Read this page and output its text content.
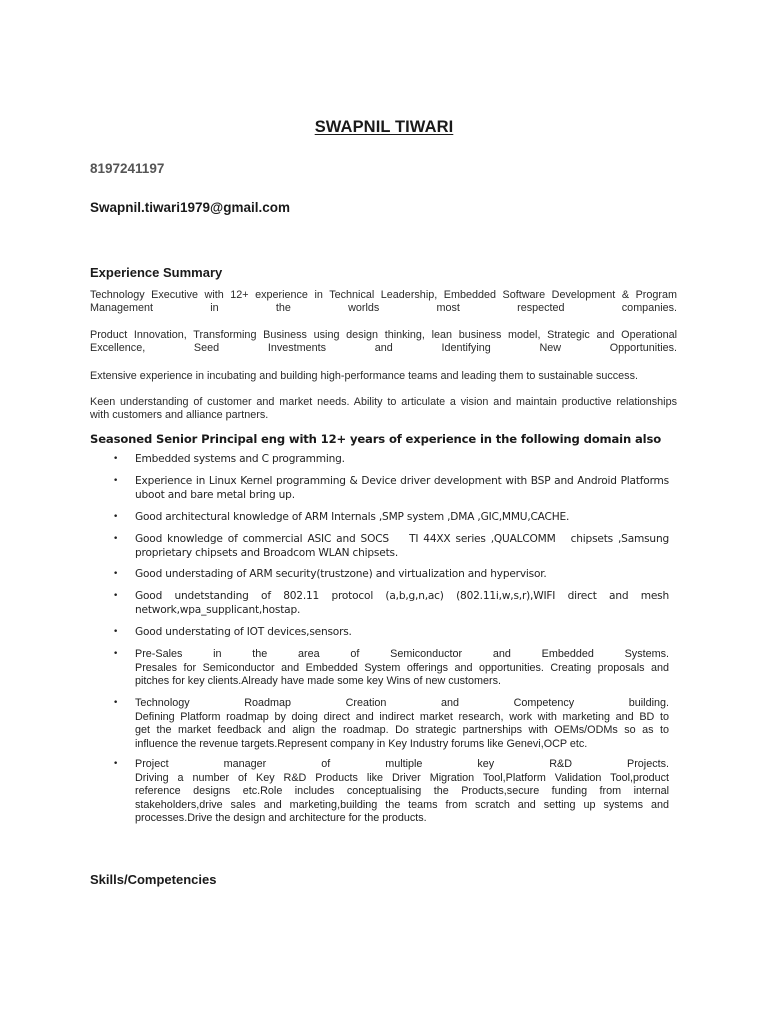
SWAPNIL TIWARI
8197241197
Swapnil.tiwari1979@gmail.com
Experience Summary
Technology Executive with 12+ experience in Technical Leadership, Embedded Software Development & Program
Management in the worlds most respected companies.
Product Innovation, Transforming Business using design thinking, lean business model, Strategic and Operational
Excellence, Seed Investments and Identifying New Opportunities.
Extensive experience in incubating and building high-performance teams and leading them to sustainable success.
Keen understanding of customer and market needs. Ability to articulate a vision and maintain productive relationships
with customers and alliance partners.
Seasoned Senior Principal eng with 12+ years of experience in the following domain also
•	Embedded systems and C programming.
•	Experience in Linux Kernel programming & Device driver development with BSP and Android Platforms
uboot and bare metal bring up.
•	Good architectural knowledge of ARM Internals ,SMP system ,DMA ,GIC,MMU,CACHE.
•	Good knowledge of commercial ASIC and SOCS    TI 44XX series ,QUALCOMM   chipsets ,Samsung
proprietary chipsets and Broadcom WLAN chipsets.
•	Good understading of ARM security(trustzone) and virtualization and hypervisor.
•	Good undetstanding of 802.11 protocol (a,b,g,n,ac) (802.11i,w,s,r),WIFI direct and mesh
network,wpa_supplicant,hostap.
•	Good understating of IOT devices,sensors.
•	Pre-Sales in the area of Semiconductor and Embedded Systems.
Presales for Semiconductor and Embedded System offerings and opportunities. Creating proposals and
pitches for key clients.Already have made some key Wins of new customers.
•	Technology Roadmap Creation and Competency building.
Defining Platform roadmap by doing direct and indirect market research, work with marketing and BD to
get the market feedback and align the roadmap. Do strategic partnerships with OEMs/ODMs so as to
influence the revenue targets.Represent company in Key Industry forums like Genevi,OCP etc.
•	Project manager of multiple key R&D Projects.
Driving a number of Key R&D Products like Driver Migration Tool,Platform Validation Tool,product
reference designs etc.Role includes conceptualising the Products,secure funding from internal
stakeholders,drive sales and marketing,building the teams from scratch and setting up systems and
processes.Drive the design and architecture for the products.
Skills/Competencies
